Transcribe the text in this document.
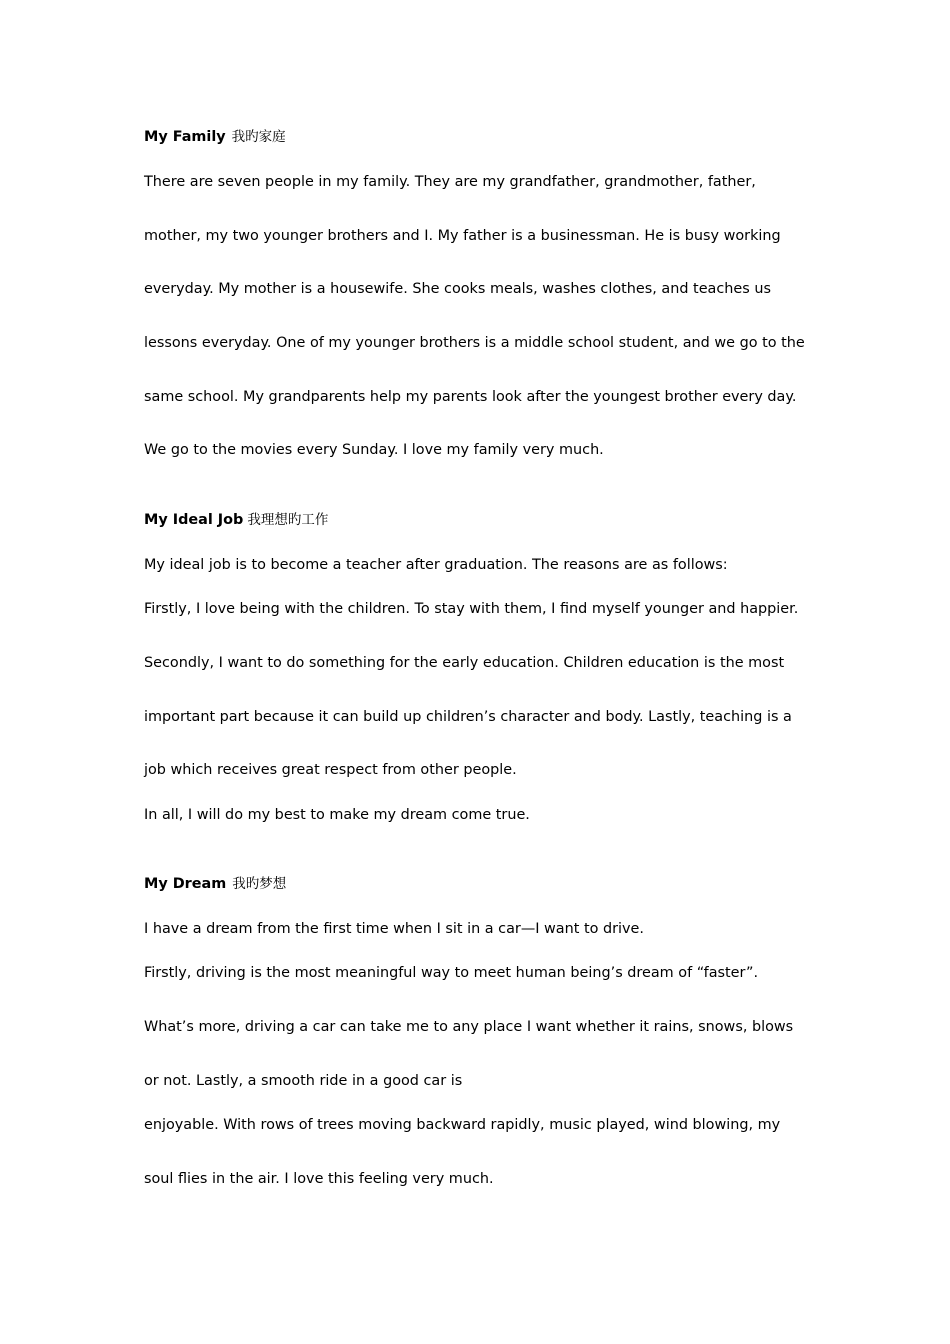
My Family 我旳家庭
There are seven people in my family. They are my grandfather, grandmother, father,
mother, my two younger brothers and I. My father is a businessman. He is busy working
everyday. My mother is a housewife. She cooks meals, washes clothes, and teaches us
lessons everyday. One of my younger brothers is a middle school student, and we go to the
same school. My grandparents help my parents look after the youngest brother every day.
We go to the movies every Sunday. I love my family very much.
My Ideal Job 我理想旳工作
My ideal job is to become a teacher after graduation. The reasons are as follows:
Firstly, I love being with the children. To stay with them, I find myself younger and happier.
Secondly, I want to do something for the early education. Children education is the most
important part because it can build up children’s character and body. Lastly, teaching is a
job which receives great respect from other people.
In all, I will do my best to make my dream come true.
My Dream 我旳梦想
I have a dream from the first time when I sit in a car—I want to drive.
Firstly, driving is the most meaningful way to meet human being’s dream of “faster”.
What’s more, driving a car can take me to any place I want whether it rains, snows, blows
or not. Lastly, a smooth ride in a good car is
enjoyable. With rows of trees moving backward rapidly, music played, wind blowing, my
soul flies in the air. I love this feeling very much.
